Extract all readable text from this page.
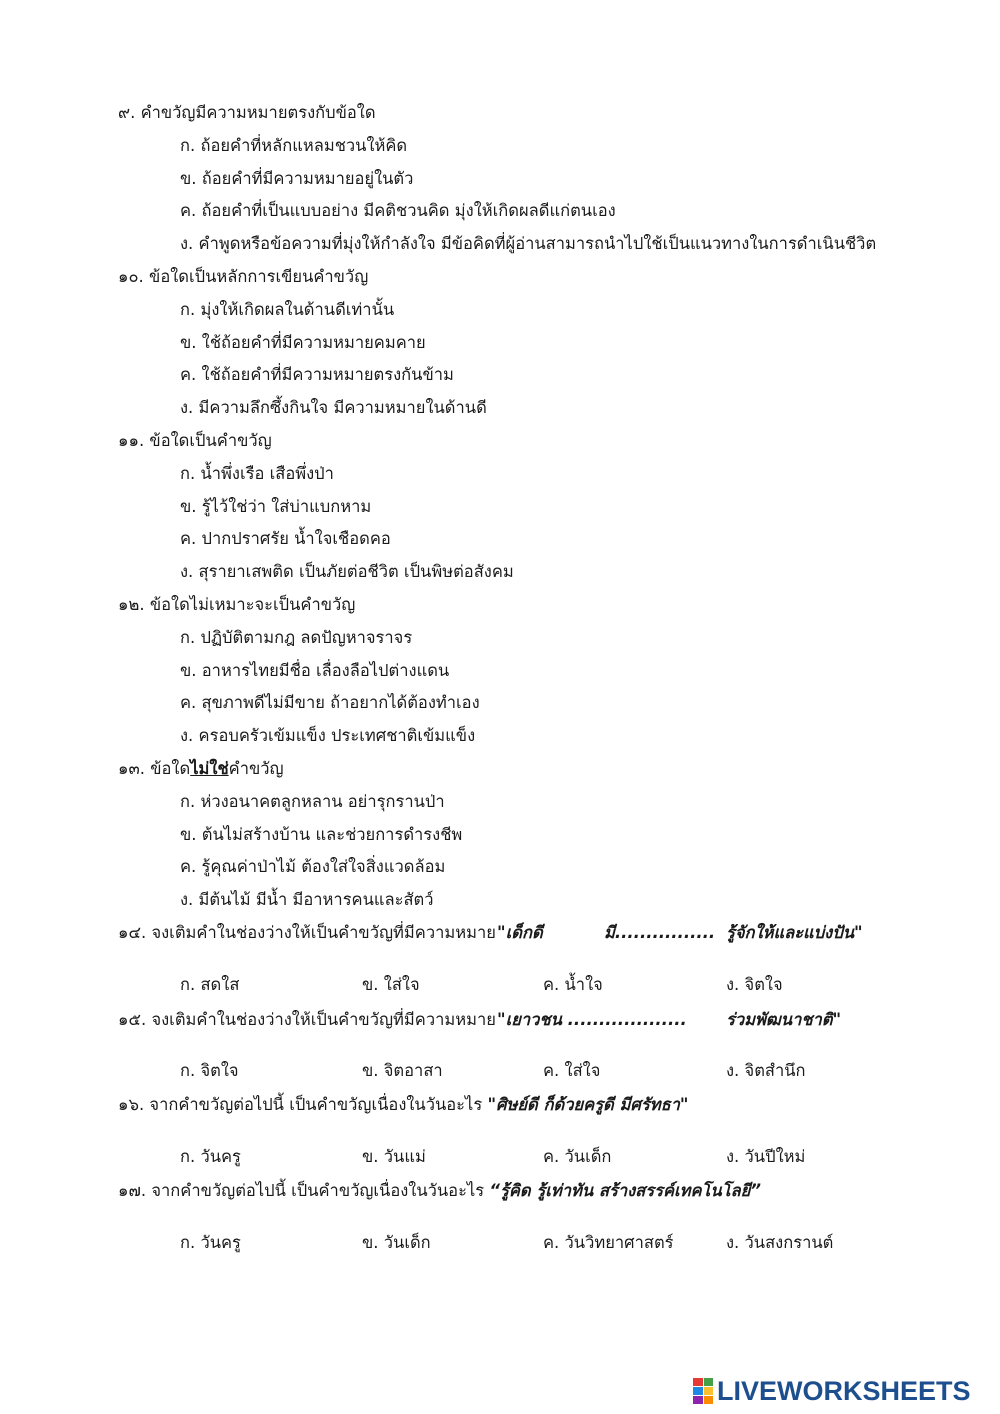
๙. คำขวัญมีความหมายตรงกับข้อใด
ก. ถ้อยคำที่หลักแหลมชวนให้คิด
ข. ถ้อยคำที่มีความหมายอยู่ในตัว
ค. ถ้อยคำที่เป็นแบบอย่าง มีคติชวนคิด มุ่งให้เกิดผลดีแก่ตนเอง
ง. คำพูดหรือข้อความที่มุ่งให้กำลังใจ มีข้อคิดที่ผู้อ่านสามารถนำไปใช้เป็นแนวทางในการดำเนินชีวิต
๑๐. ข้อใดเป็นหลักการเขียนคำขวัญ
ก. มุ่งให้เกิดผลในด้านดีเท่านั้น
ข. ใช้ถ้อยคำที่มีความหมายคมคาย
ค. ใช้ถ้อยคำที่มีความหมายตรงกันข้าม
ง. มีความลึกซึ้งกินใจ มีความหมายในด้านดี
๑๑. ข้อใดเป็นคำขวัญ
ก. น้ำพึ่งเรือ เสือพึ่งป่า
ข. รู้ไว้ใช่ว่า ใส่บ่าแบกหาม
ค. ปากปราศรัย น้ำใจเชือดคอ
ง. สุรายาเสพติด เป็นภัยต่อชีวิต เป็นพิษต่อสังคม
๑๒. ข้อใดไม่เหมาะจะเป็นคำขวัญ
ก. ปฏิบัติตามกฎ ลดปัญหาจราจร
ข. อาหารไทยมีชื่อ เลื่องลือไปต่างแดน
ค. สุขภาพดีไม่มีขาย ถ้าอยากได้ต้องทำเอง
ง. ครอบครัวเข้มแข็ง ประเทศชาติเข้มแข็ง
๑๓. ข้อใดไม่ใช่คำขวัญ
ก. ห่วงอนาคตลูกหลาน อย่ารุกรานป่า
ข. ต้นไม่สร้างบ้าน และช่วยการดำรงชีพ
ค. รู้คุณค่าป่าไม้ ต้องใส่ใจสิ่งแวดล้อม
ง. มีต้นไม้ มีน้ำ มีอาหารคนและสัตว์
๑๔. จงเติมคำในช่องว่างให้เป็นคำขวัญที่มีความหมาย "เด็กดี	มี................ รู้จักให้และแบ่งปัน"
ก. สดใส	ข. ใส่ใจ	ค. น้ำใจ	ง. จิตใจ
๑๕. จงเติมคำในช่องว่างให้เป็นคำขวัญที่มีความหมาย "เยาวชน ................... ร่วมพัฒนาชาติ"
ก. จิตใจ	ข. จิตอาสา	ค. ใส่ใจ	ง. จิตสำนึก
๑๖. จากคำขวัญต่อไปนี้ เป็นคำขวัญเนื่องในวันอะไร "ศิษย์ดี ก็ด้วยครูดี มีศรัทธา"
ก. วันครู	ข. วันแม่	ค. วันเด็ก	ง. วันปีใหม่
๑๗. จากคำขวัญต่อไปนี้ เป็นคำขวัญเนื่องในวันอะไร “รู้คิด รู้เท่าทัน สร้างสรรค์เทคโนโลยี”
ก. วันครู	ข. วันเด็ก	ค. วันวิทยาศาสตร์	ง. วันสงกรานต์
LIVEWORKSHEETS
